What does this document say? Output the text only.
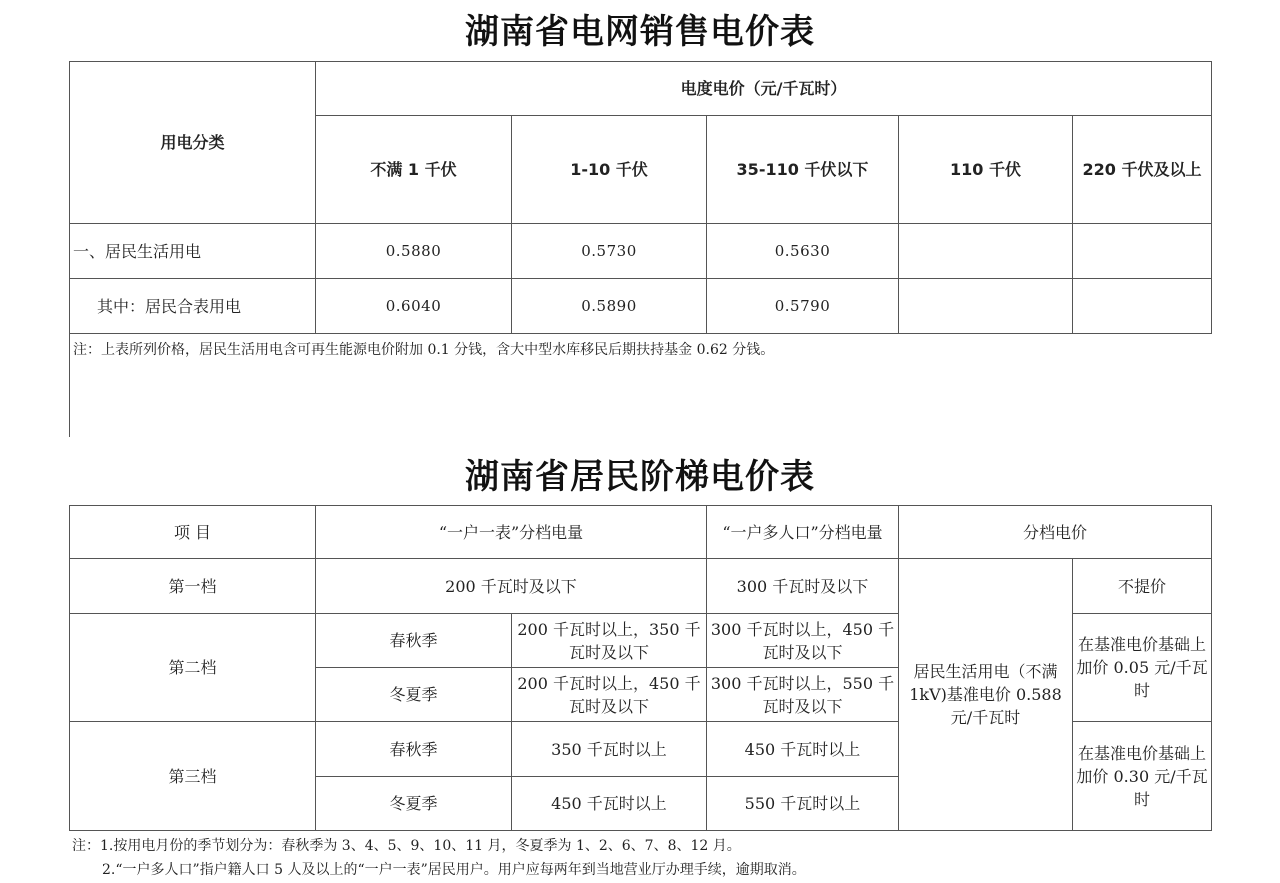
湖南省电网销售电价表
用电分类	电度电价（元/千瓦时）				
	不满 1 千伏	1-10 千伏	35-110 千伏以下	110 千伏	220 千伏及以上
一、居民生活用电	0.5880	0.5730	0.5630		
其中：居民合表用电	0.6040	0.5890	0.5790		
注：上表所列价格，居民生活用电含可再生能源电价附加 0.1 分钱，含大中型水库移民后期扶持基金 0.62 分钱。					
湖南省居民阶梯电价表
项 目	“一户一表”分档电量		“一户多人口”分档电量	分档电价	
第一档	200 千瓦时及以下		300 千瓦时及以下	居民生活用电（不满 1kV)基准电价 0.588 元/千瓦时	不提价
第二档	春秋季	200 千瓦时以上，350 千瓦时及以下	300 千瓦时以上，450 千瓦时及以下		在基准电价基础上加价 0.05 元/千瓦时
	冬夏季	200 千瓦时以上，450 千瓦时及以下	300 千瓦时以上，550 千瓦时及以下		
第三档	春秋季	350 千瓦时以上	450 千瓦时以上		在基准电价基础上加价 0.30 元/千瓦时
	冬夏季	450 千瓦时以上	550 千瓦时以上		
注：1.按用电月份的季节划分为：春秋季为 3、4、5、9、10、11 月，冬夏季为 1、2、6、7、8、12 月。
2.“一户多人口”指户籍人口 5 人及以上的“一户一表”居民用户。用户应每两年到当地营业厅办理手续，逾期取消。
